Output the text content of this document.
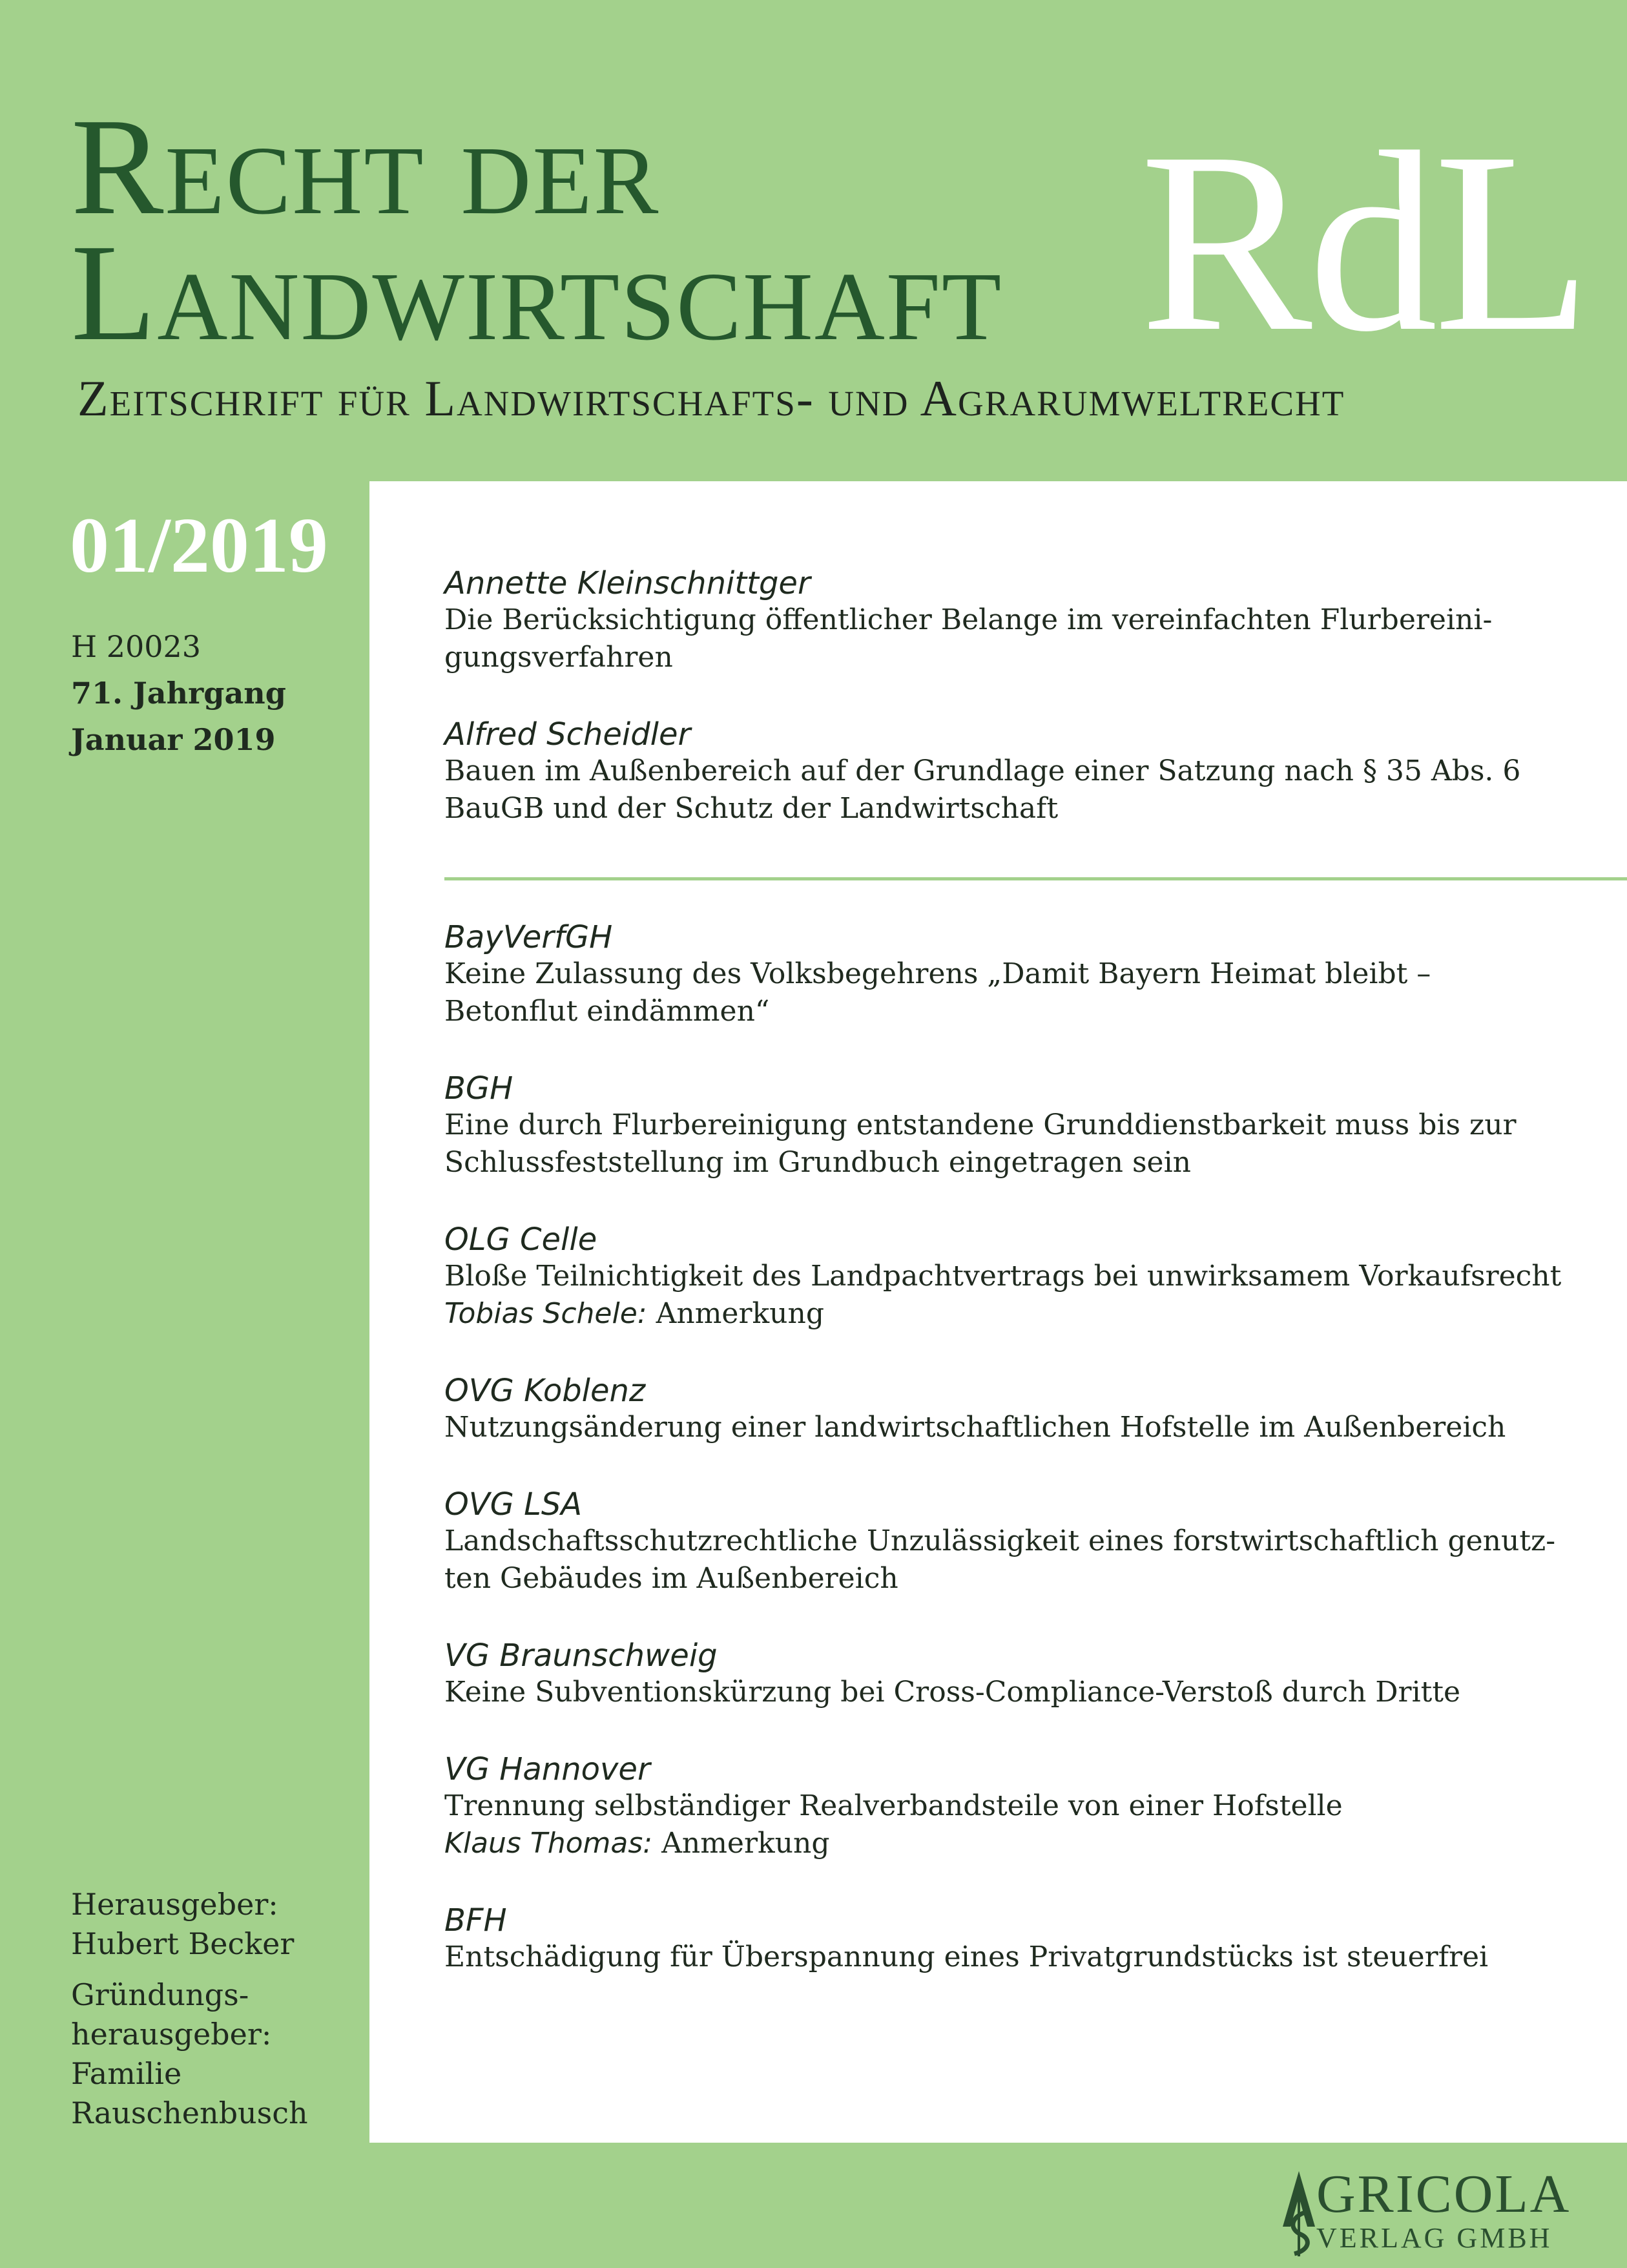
Recht der
Landwirtschaft RdL
Zeitschrift für Landwirtschafts- und Agrarumweltrecht
01/2019
H 20023
71. Jahrgang
Januar 2019
Herausgeber:
Hubert Becker
Gründungs-
herausgeber:
Familie
Rauschenbusch
Annette Kleinschnittger
Die Berücksichtigung öffentlicher Belange im vereinfachten Flurbereini-
gungsverfahren
Alfred Scheidler
Bauen im Außenbereich auf der Grundlage einer Satzung nach § 35 Abs. 6
BauGB und der Schutz der Landwirtschaft
BayVerfGH
Keine Zulassung des Volksbegehrens „Damit Bayern Heimat bleibt –
Betonflut eindämmen“
BGH
Eine durch Flurbereinigung entstandene Grunddienstbarkeit muss bis zur
Schlussfeststellung im Grundbuch eingetragen sein
OLG Celle
Bloße Teilnichtigkeit des Landpachtvertrags bei unwirksamem Vorkaufsrecht
Tobias Schele: Anmerkung
OVG Koblenz
Nutzungsänderung einer landwirtschaftlichen Hofstelle im Außenbereich
OVG LSA
Landschaftsschutzrechtliche Unzulässigkeit eines forstwirtschaftlich genutz-
ten Gebäudes im Außenbereich
VG Braunschweig
Keine Subventionskürzung bei Cross-Compliance-Verstoß durch Dritte
VG Hannover
Trennung selbständiger Realverbandsteile von einer Hofstelle
Klaus Thomas: Anmerkung
BFH
Entschädigung für Überspannung eines Privatgrundstücks ist steuerfrei
GRICOLA
VERLAG GMBH
